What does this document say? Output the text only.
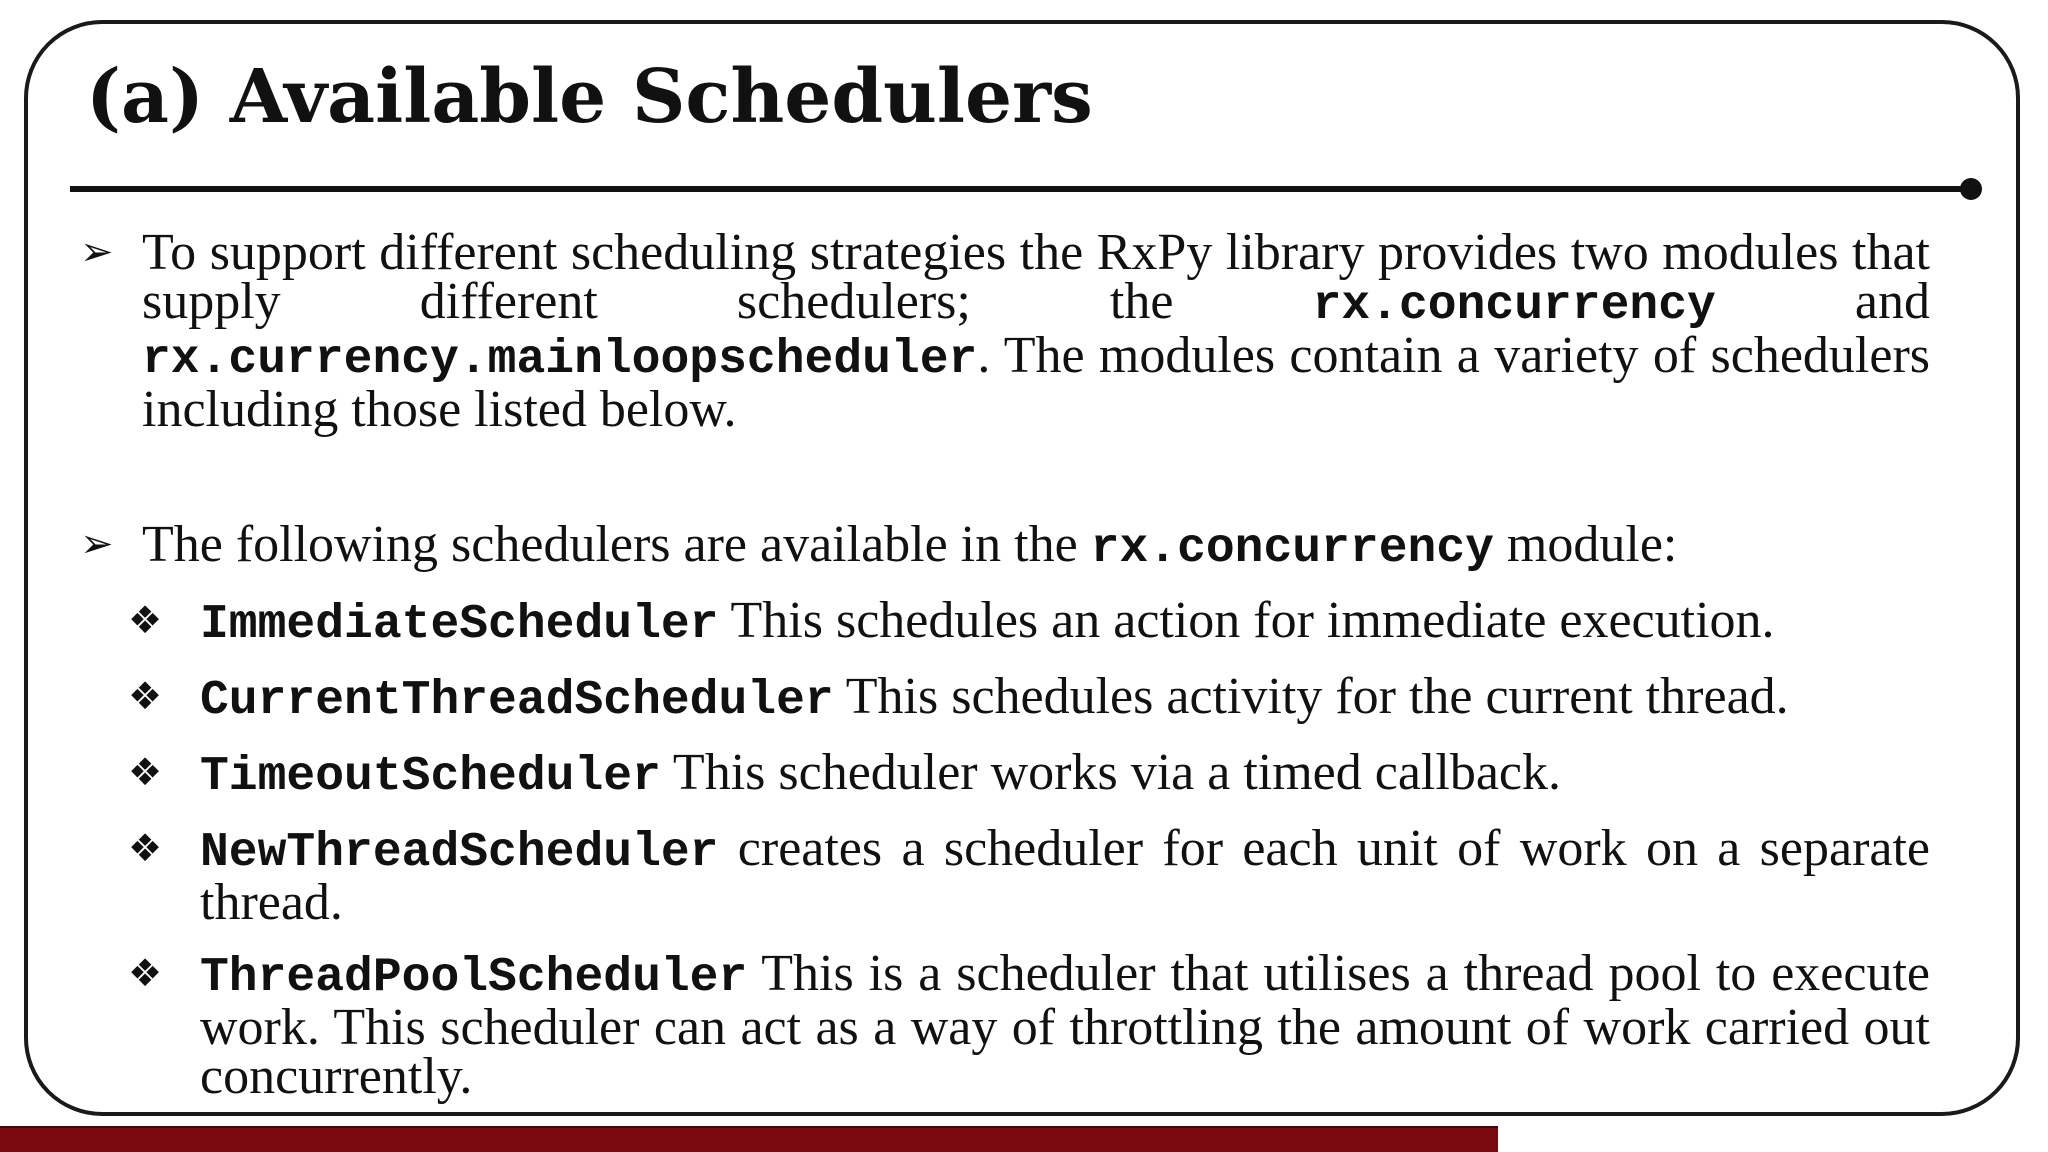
(a) Available Schedulers
➢ To support different scheduling strategies the RxPy library provides two modules that supply different schedulers; the rx.concurrency and rx.currency.mainloopscheduler. The modules contain a variety of schedulers including those listed below.
➢ The following schedulers are available in the rx.concurrency module:
❖ ImmediateScheduler This schedules an action for immediate execution.
❖ CurrentThreadScheduler This schedules activity for the current thread.
❖ TimeoutScheduler This scheduler works via a timed callback.
❖ NewThreadScheduler creates a scheduler for each unit of work on a separate thread.
❖ ThreadPoolScheduler This is a scheduler that utilises a thread pool to execute work. This scheduler can act as a way of throttling the amount of work carried out concurrently.
